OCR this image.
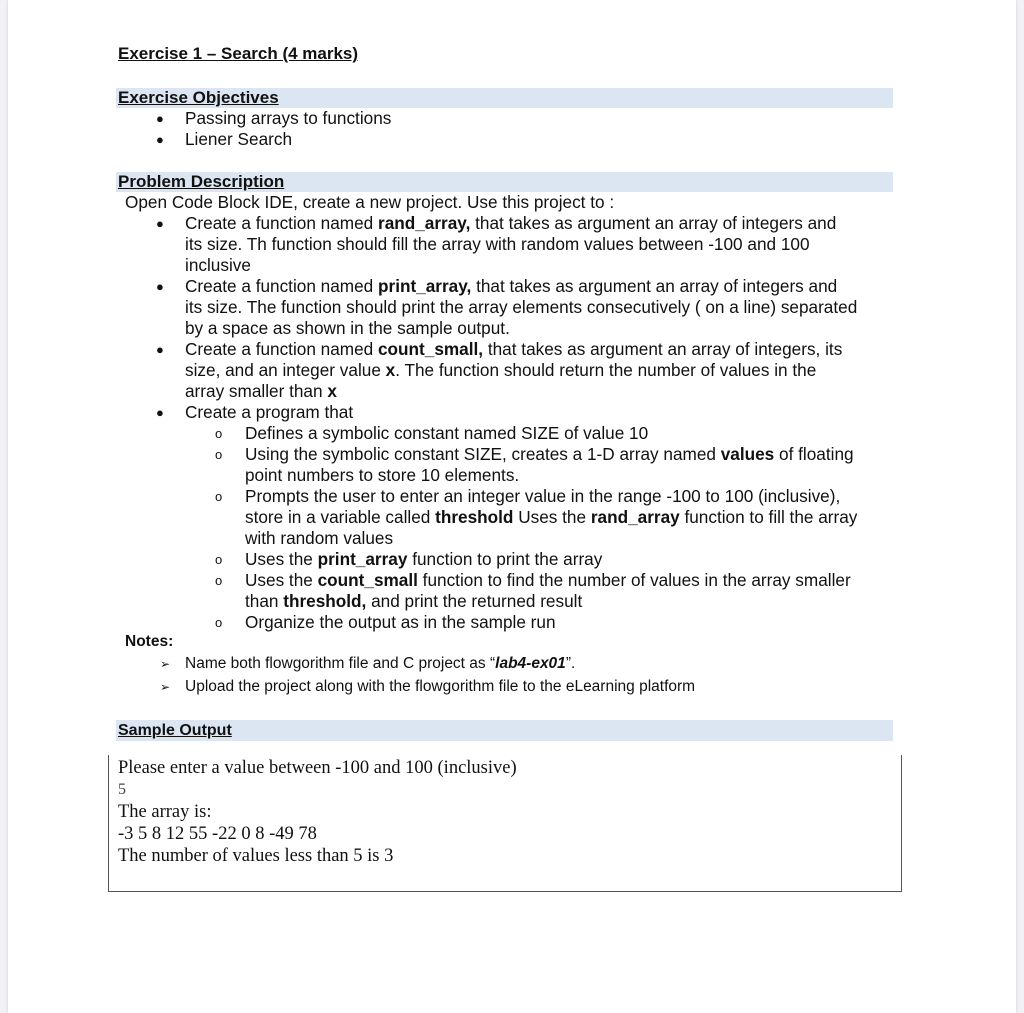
Exercise 1 – Search (4 marks)
Exercise Objectives
● Passing arrays to functions
● Liener Search
Problem Description
Open Code Block IDE, create a new project. Use this project to :
● Create a function named rand_array, that takes as argument an array of integers and
its size. Th function should fill the array with random values between -100 and 100
inclusive
● Create a function named print_array, that takes as argument an array of integers and
its size. The function should print the array elements consecutively ( on a line) separated
by a space as shown in the sample output.
● Create a function named count_small, that takes as argument an array of integers, its
size, and an integer value x. The function should return the number of values in the
array smaller than x
● Create a program that
o Defines a symbolic constant named SIZE of value 10
o Using the symbolic constant SIZE, creates a 1-D array named values of floating
point numbers to store 10 elements.
o Prompts the user to enter an integer value in the range -100 to 100 (inclusive),
store in a variable called threshold Uses the rand_array function to fill the array
with random values
o Uses the print_array function to print the array
o Uses the count_small function to find the number of values in the array smaller
than threshold, and print the returned result
o Organize the output as in the sample run
Notes:
➢ Name both flowgorithm file and C project as “lab4-ex01”.
➢ Upload the project along with the flowgorithm file to the eLearning platform
Sample Output
Please enter a value between -100 and 100 (inclusive)
5
The array is:
-3 5 8 12 55 -22 0 8 -49 78
The number of values less than 5 is 3
